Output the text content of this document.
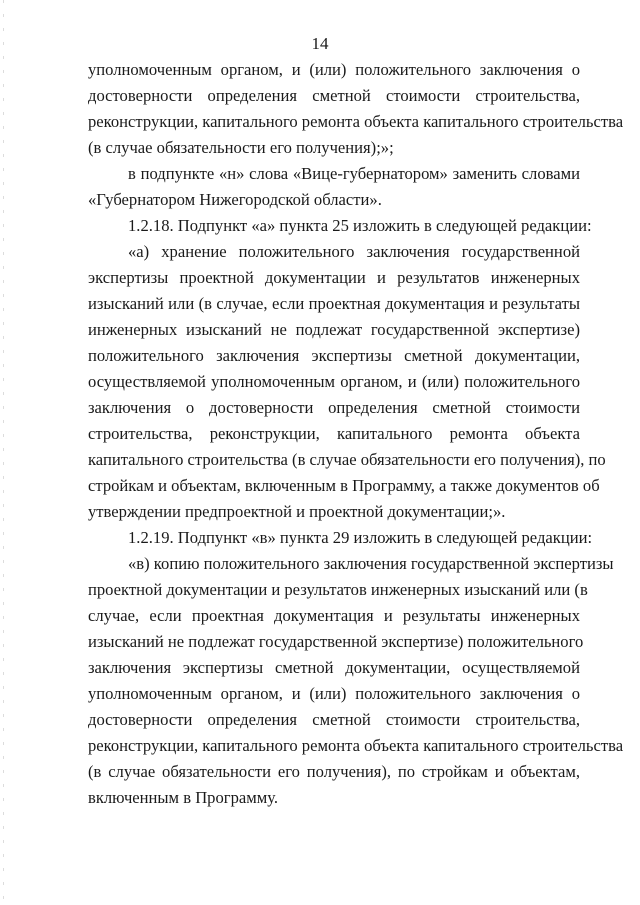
14
уполномоченным органом, и (или) положительного заключения о
достоверности определения сметной стоимости строительства,
реконструкции, капитального ремонта объекта капитального строительства
(в случае обязательности его получения);»;
в подпункте «н» слова «Вице-губернатором» заменить словами
«Губернатором Нижегородской области».
1.2.18. Подпункт «а» пункта 25 изложить в следующей редакции:
«а) хранение положительного заключения государственной
экспертизы проектной документации и результатов инженерных
изысканий или (в случае, если проектная документация и результаты
инженерных изысканий не подлежат государственной экспертизе)
положительного заключения экспертизы сметной документации,
осуществляемой уполномоченным органом, и (или) положительного
заключения о достоверности определения сметной стоимости
строительства, реконструкции, капитального ремонта объекта
капитального строительства (в случае обязательности его получения), по
стройкам и объектам, включенным в Программу, а также документов об
утверждении предпроектной и проектной документации;».
1.2.19. Подпункт «в» пункта 29 изложить в следующей редакции:
«в) копию положительного заключения государственной экспертизы
проектной документации и результатов инженерных изысканий или (в
случае, если проектная документация и результаты инженерных
изысканий не подлежат государственной экспертизе) положительного
заключения экспертизы сметной документации, осуществляемой
уполномоченным органом, и (или) положительного заключения о
достоверности определения сметной стоимости строительства,
реконструкции, капитального ремонта объекта капитального строительства
(в случае обязательности его получения), по стройкам и объектам,
включенным в Программу.
